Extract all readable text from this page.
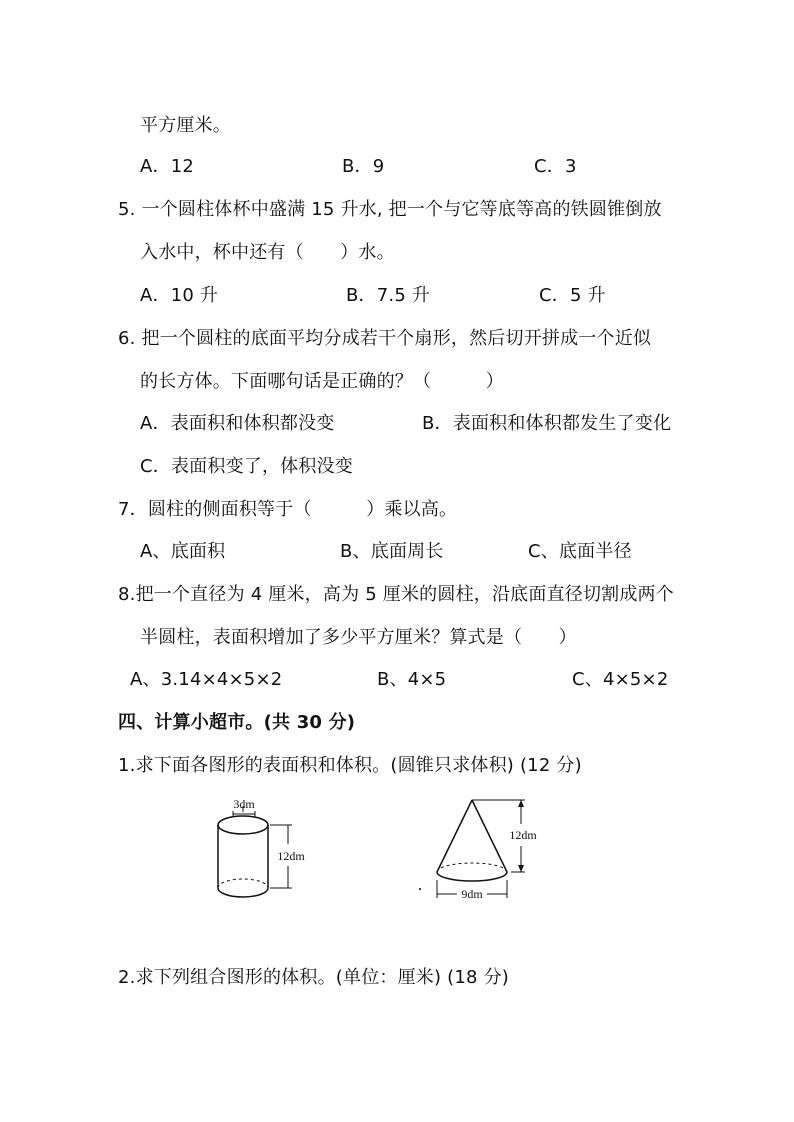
平方厘米。
A．12	B．9	C．3
5. 一个圆柱体杯中盛满 15 升水, 把一个与它等底等高的铁圆锥倒放
入水中，杯中还有（　　）水。
A．10 升	B．7.5 升	C．5 升
6. 把一个圆柱的底面平均分成若干个扇形，然后切开拼成一个近似
的长方体。下面哪句话是正确的？（　　　）
A．表面积和体积都没变	B．表面积和体积都发生了变化
C．表面积变了，体积没变
7．圆柱的侧面积等于（　　　）乘以高。
A、底面积	B、底面周长	C、底面半径
8.把一个直径为 4 厘米，高为 5 厘米的圆柱，沿底面直径切割成两个
半圆柱，表面积增加了多少平方厘米？算式是（　　）
A、3.14×4×5×2	B、4×5	C、4×5×2
四、计算小超市。(共 30 分)
1.求下面各图形的表面积和体积。(圆锥只求体积) (12 分)
3dm
12dm
12dm
9dm
2.求下列组合图形的体积。(单位：厘米) (18 分)
